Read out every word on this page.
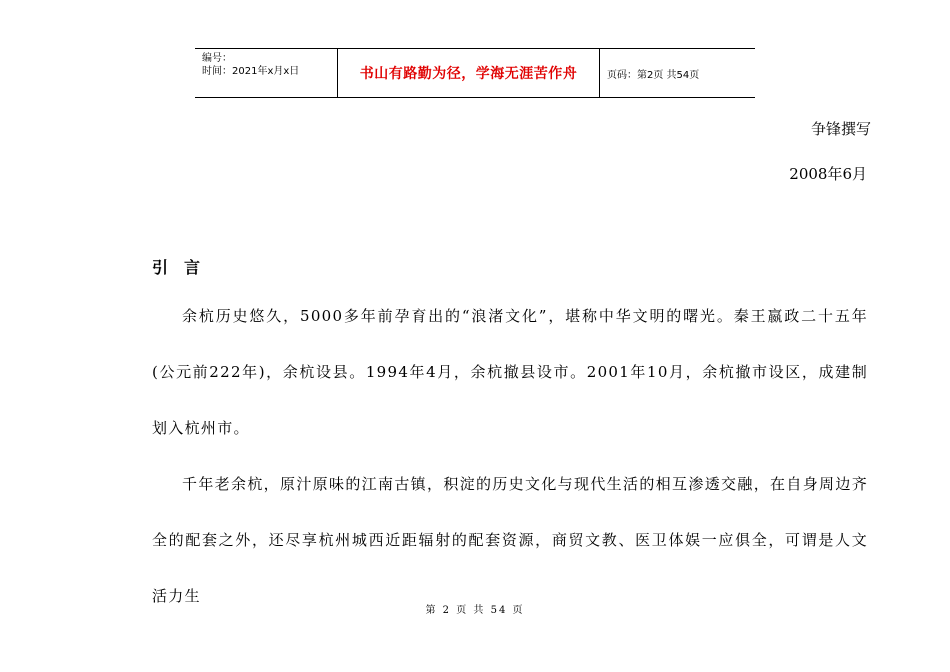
编号：
时间：2021年x月x日	书山有路勤为径，学海无涯苦作舟	页码：第2页 共54页
争锋撰写
2008年6月
引言

余杭历史悠久，5000多年前孕育出的“浪渚文化”，堪称中华文明的曙光。秦王嬴政二十五年(公元前222年)，余杭设县。1994年4月，余杭撤县设市。2001年10月，余杭撤市设区，成建制划入杭州市。

千年老余杭，原汁原味的江南古镇，积淀的历史文化与现代生活的相互渗透交融，在自身周边齐全的配套之外，还尽享杭州城西近距辐射的配套资源，商贸文教、医卫体娱一应俱全，可谓是人文活力生

第 2 页 共 54 页
